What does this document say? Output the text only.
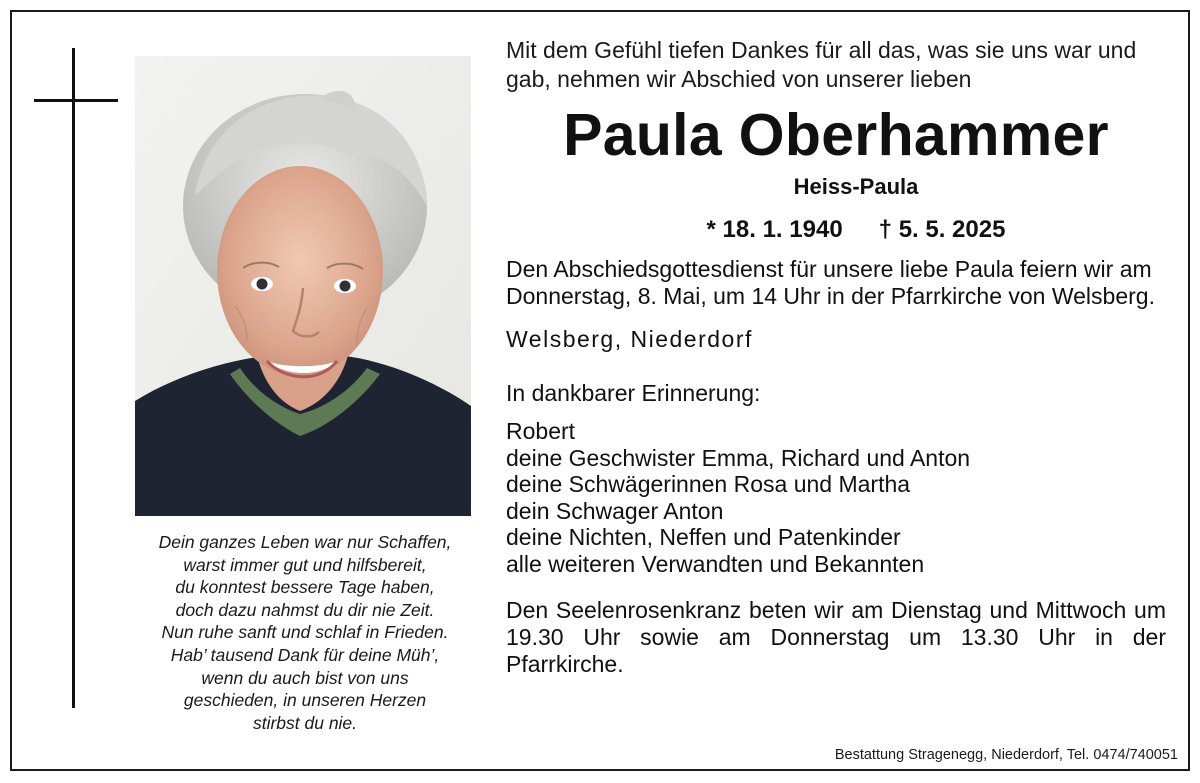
Dein ganzes Leben war nur Schaffen,
warst immer gut und hilfsbereit,
du konntest bessere Tage haben,
doch dazu nahmst du dir nie Zeit.
Nun ruhe sanft und schlaf in Frieden.
Hab’ tausend Dank für deine Müh’,
wenn du auch bist von uns
geschieden, in unseren Herzen
stirbst du nie.
Mit dem Gefühl tiefen Dankes für all das, was sie uns war und gab, nehmen wir Abschied von unserer lieben
Paula Oberhammer
Heiss-Paula
* 18. 1. 1940 † 5. 5. 2025
Den Abschiedsgottesdienst für unsere liebe Paula feiern wir am Donnerstag, 8. Mai, um 14 Uhr in der Pfarrkirche von Welsberg.
Welsberg, Niederdorf
In dankbarer Erinnerung:
Robert
deine Geschwister Emma, Richard und Anton
deine Schwägerinnen Rosa und Martha
dein Schwager Anton
deine Nichten, Neffen und Patenkinder
alle weiteren Verwandten und Bekannten
Den Seelenrosenkranz beten wir am Dienstag und Mittwoch um 19.30 Uhr sowie am Donnerstag um 13.30 Uhr in der Pfarrkirche.
Bestattung Stragenegg, Niederdorf, Tel. 0474/740051
